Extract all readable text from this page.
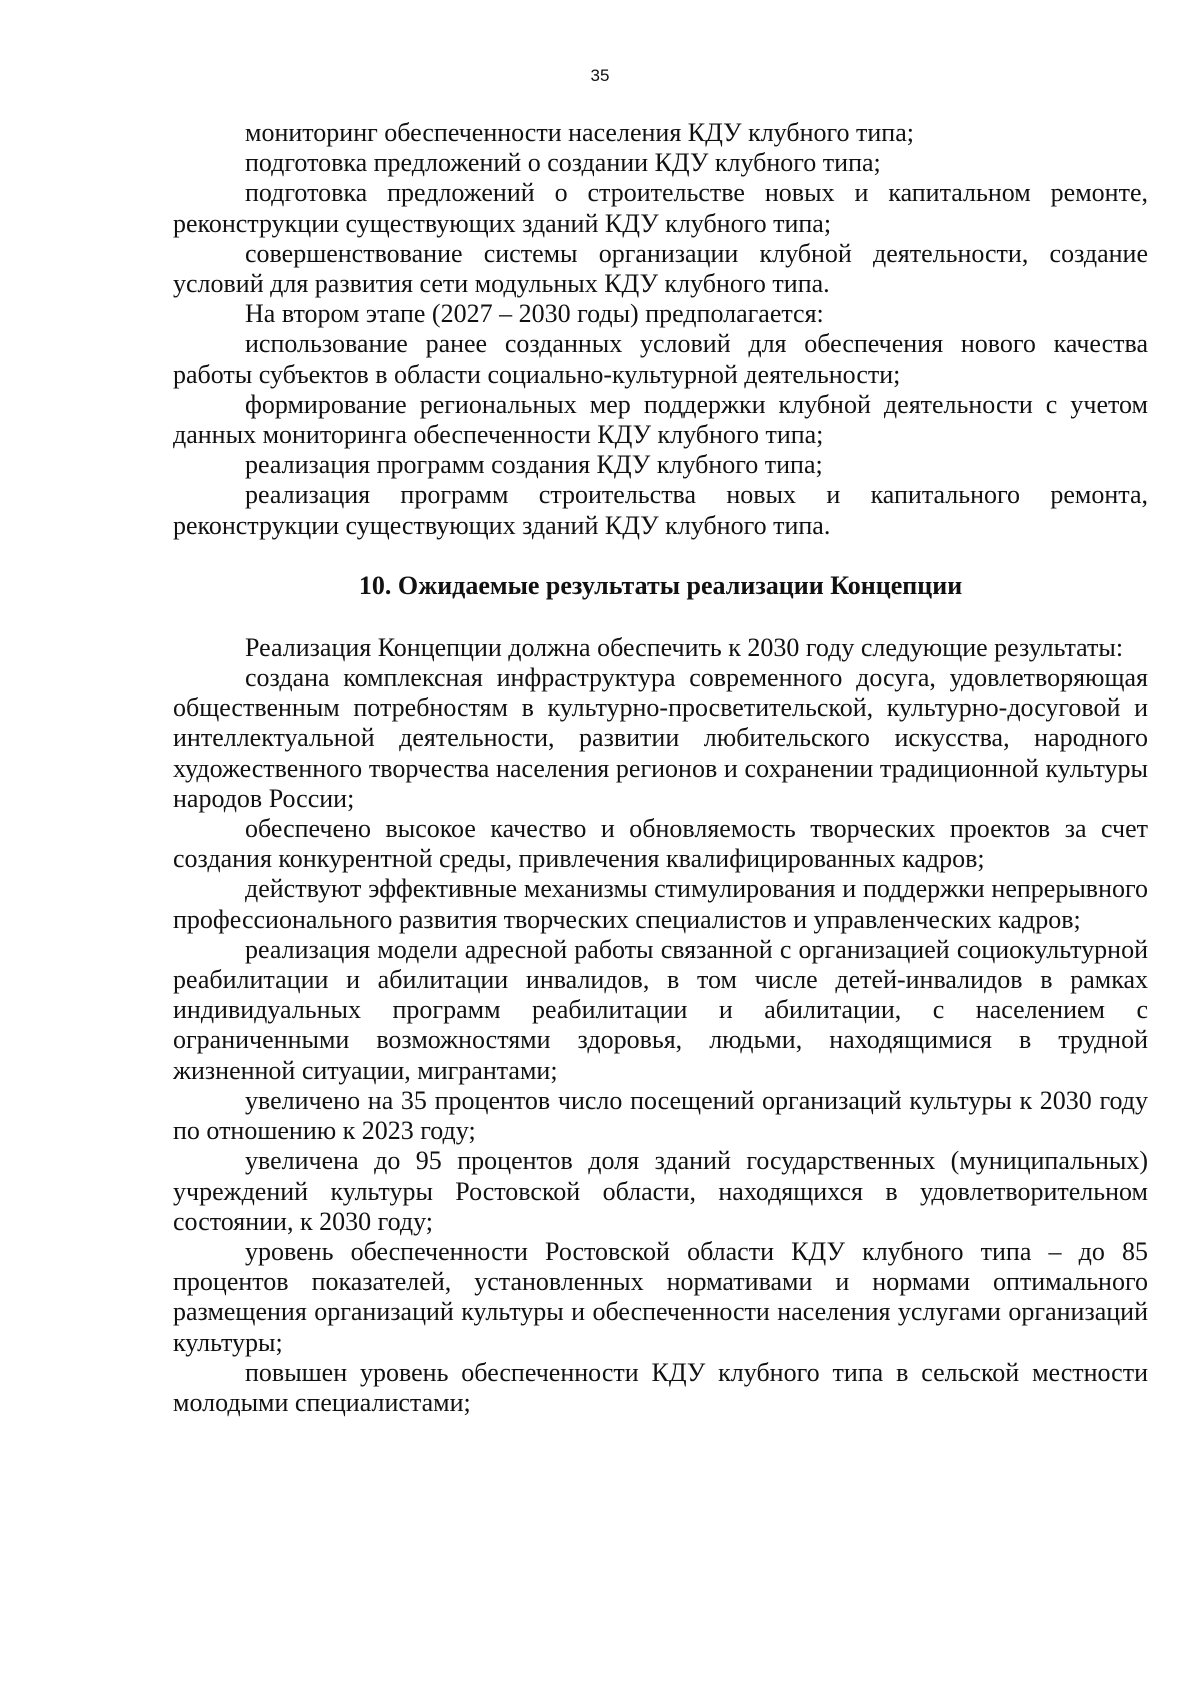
35

мониторинг обеспеченности населения КДУ клубного типа;

подготовка предложений о создании КДУ клубного типа;

подготовка предложений о строительстве новых и капитальном ремонте, реконструкции существующих зданий КДУ клубного типа;

совершенствование системы организации клубной деятельности, создание условий для развития сети модульных КДУ клубного типа.

На втором этапе (2027 – 2030 годы) предполагается:

использование ранее созданных условий для обеспечения нового качества работы субъектов в области социально-культурной деятельности;

формирование региональных мер поддержки клубной деятельности с учетом данных мониторинга обеспеченности КДУ клубного типа;

реализация программ создания КДУ клубного типа;

реализация программ строительства новых и капитального ремонта, реконструкции существующих зданий КДУ клубного типа.

10. Ожидаемые результаты реализации Концепции

Реализация Концепции должна обеспечить к 2030 году следующие результаты:

создана комплексная инфраструктура современного досуга, удовлетворяющая общественным потребностям в культурно-просветительской, культурно-досуговой и интеллектуальной деятельности, развитии любительского искусства, народного художественного творчества населения регионов и сохранении традиционной культуры народов России;

обеспечено высокое качество и обновляемость творческих проектов за счет создания конкурентной среды, привлечения квалифицированных кадров;

действуют эффективные механизмы стимулирования и поддержки непрерывного профессионального развития творческих специалистов и управленческих кадров;

реализация модели адресной работы связанной с организацией социокультурной реабилитации и абилитации инвалидов, в том числе детей-инвалидов в рамках индивидуальных программ реабилитации и абилитации, с населением с ограниченными возможностями здоровья, людьми, находящимися в трудной жизненной ситуации, мигрантами;

увеличено на 35 процентов число посещений организаций культуры к 2030 году по отношению к 2023 году;

увеличена до 95 процентов доля зданий государственных (муниципальных) учреждений культуры Ростовской области, находящихся в удовлетворительном состоянии, к 2030 году;

уровень обеспеченности Ростовской области КДУ клубного типа – до 85 процентов показателей, установленных нормативами и нормами оптимального размещения организаций культуры и обеспеченности населения услугами организаций культуры;

повышен уровень обеспеченности КДУ клубного типа в сельской местности молодыми специалистами;
